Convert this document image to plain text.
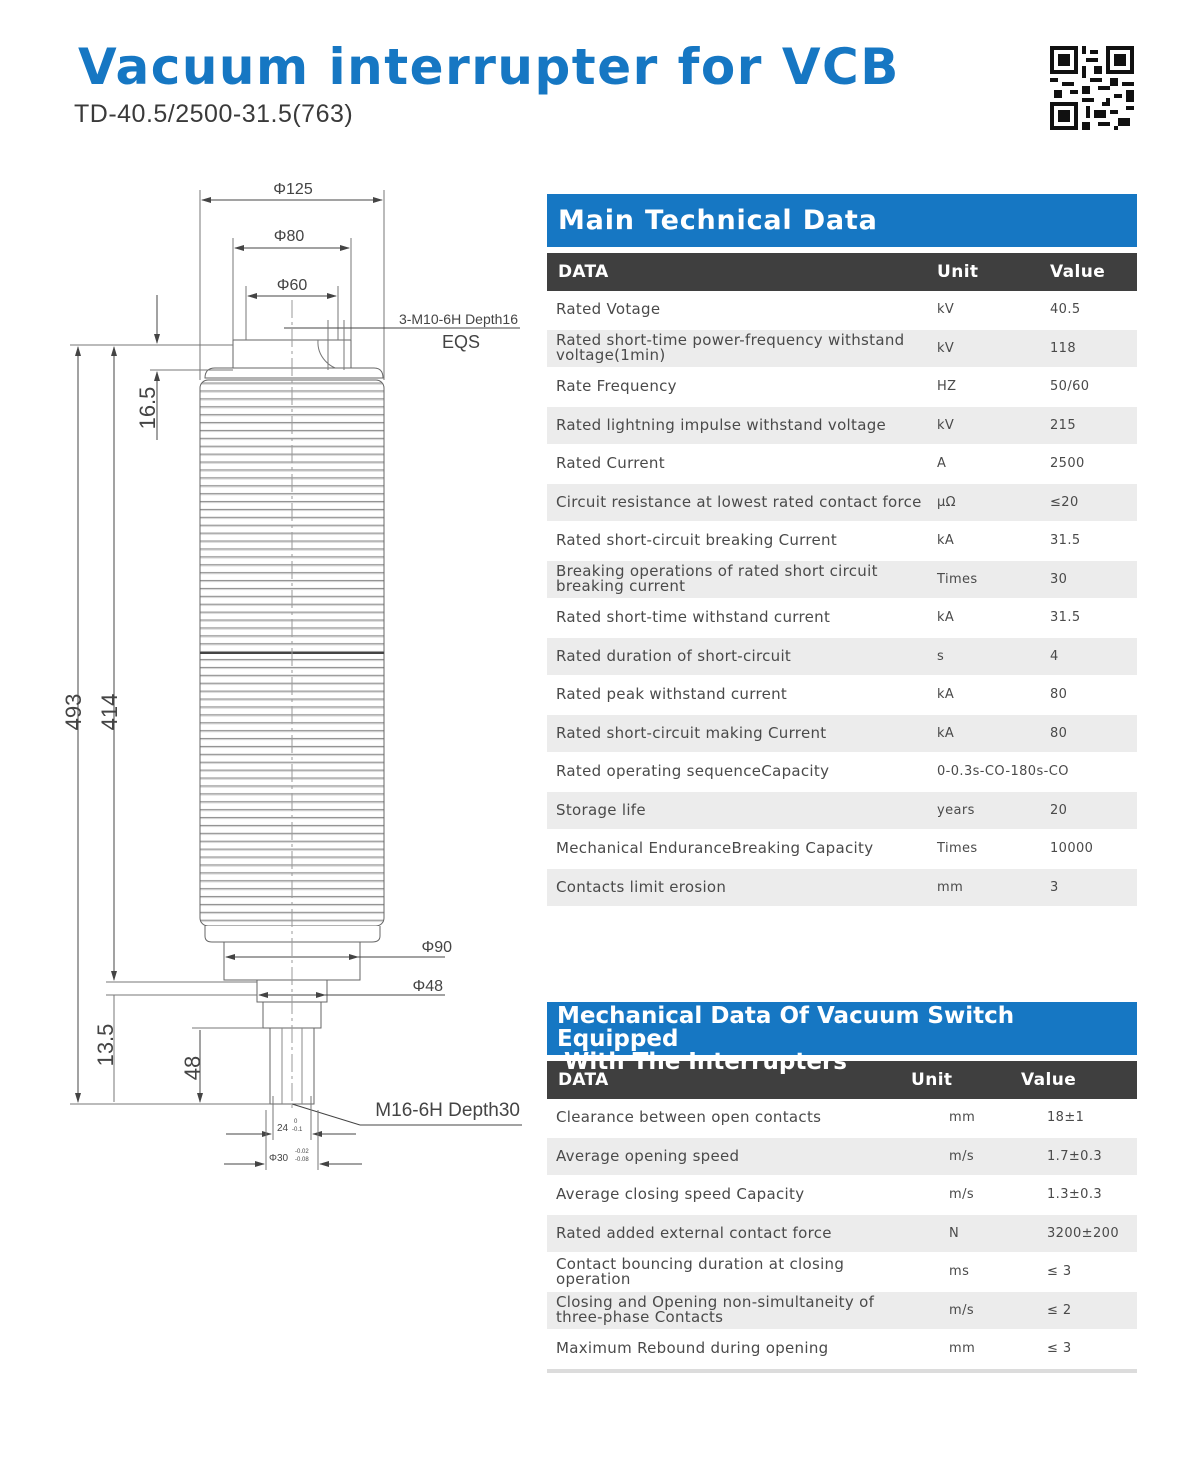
Vacuum interrupter for VCB
TD-40.5/2500-31.5(763)
Φ125
Φ80
Φ60
3-M10-6H Depth16
EQS
16.5
493 414
Φ90
Φ48
13.5
48
M16-6H Depth30
24
0
-0.1
Φ30
-0.02
-0.08
Main Technical Data
DATA	Unit	Value
Rated Votage	kV	40.5
Rated short-time power-frequency withstand voltage(1min)	kV	118
Rate Frequency	HZ	50/60
Rated lightning impulse withstand voltage	kV	215
Rated Current	A	2500
Circuit resistance at lowest rated contact force	μΩ	≤20
Rated short-circuit breaking Current	kA	31.5
Breaking operations of rated short circuit breaking current	Times	30
Rated short-time withstand current	kA	31.5
Rated duration of short-circuit	s	4
Rated peak withstand current	kA	80
Rated short-circuit making Current	kA	80
Rated operating sequenceCapacity	0-0.3s-CO-180s-CO
Storage life	years	20
Mechanical EnduranceBreaking Capacity	Times	10000
Contacts limit erosion	mm	3
Mechanical Data Of Vacuum Switch Equipped
With The Interrupters
DATA	Unit	Value
Clearance between open contacts	mm	18±1
Average opening speed	m/s	1.7±0.3
Average closing speed Capacity	m/s	1.3±0.3
Rated added external contact force	N	3200±200
Contact bouncing duration at closing operation	ms	≤ 3
Closing and Opening non-simultaneity of three-phase Contacts	m/s	≤ 2
Maximum Rebound during opening	mm	≤ 3
